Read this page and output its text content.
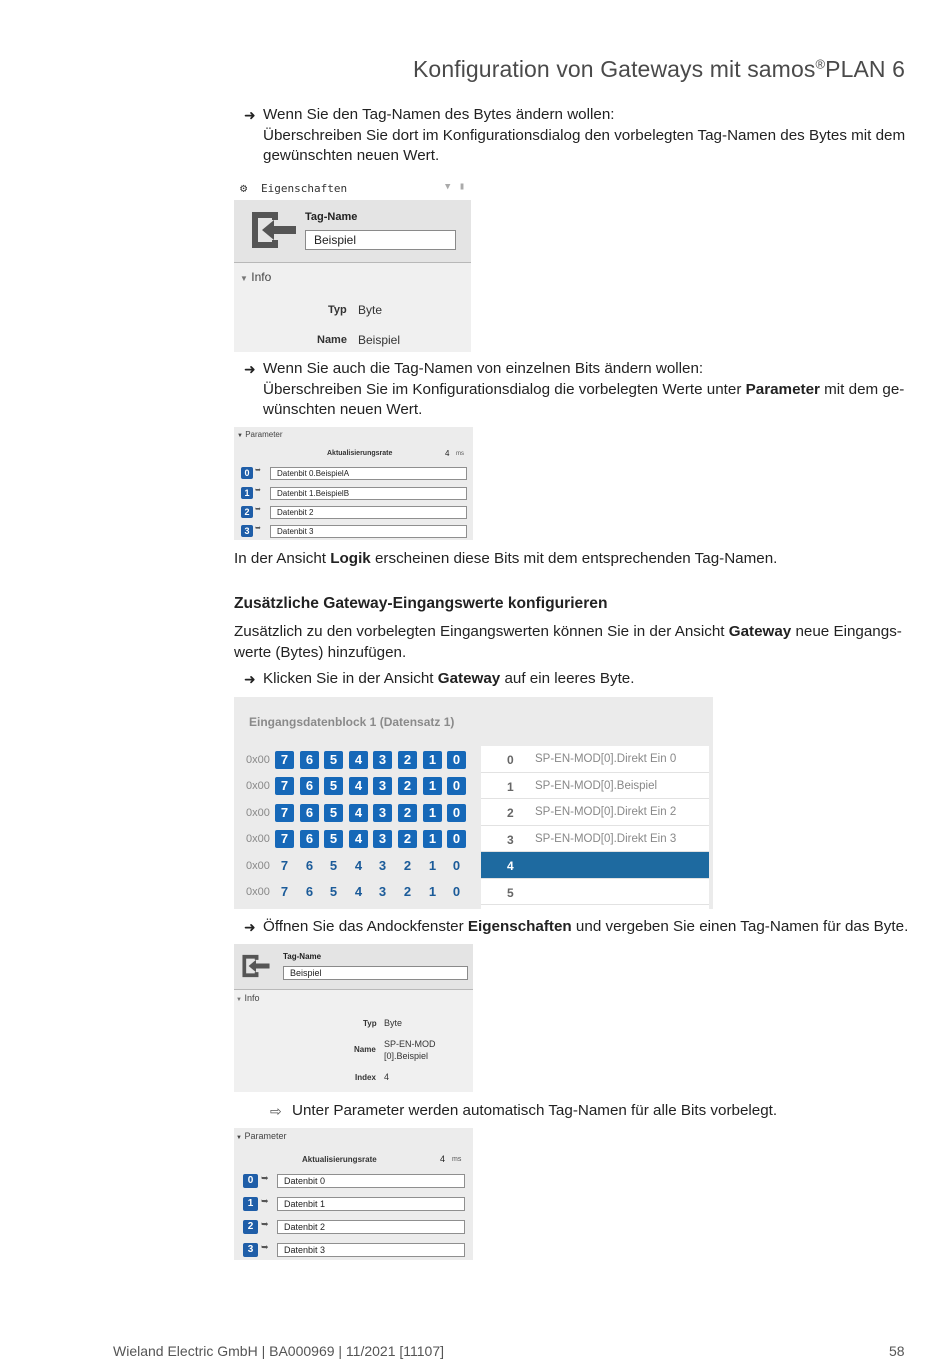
Konfiguration von Gateways mit samos®PLAN 6
➜ Wenn Sie den Tag-Namen des Bytes ändern wollen:
Überschreiben Sie dort im Konfigurationsdialog den vorbelegten Tag-Namen des Bytes mit dem
gewünschten neuen Wert.
⚙ Eigenschaften	▼ ▮
Tag-Name
Beispiel
▼ Info
Typ Byte
Name Beispiel
➜ Wenn Sie auch die Tag-Namen von einzelnen Bits ändern wollen:
Überschreiben Sie im Konfigurationsdialog die vorbelegten Werte unter Parameter mit dem ge-
wünschten neuen Wert.
▼ Parameter
Aktualisierungsrate	4 ms
0 ➥	Datenbit 0.BeispielA
1 ➥	Datenbit 1.BeispielB
2 ➥	Datenbit 2
3 ➥	Datenbit 3
In der Ansicht Logik erscheinen diese Bits mit dem entsprechenden Tag-Namen.
Zusätzliche Gateway-Eingangswerte konfigurieren
Zusätzlich zu den vorbelegten Eingangswerten können Sie in der Ansicht Gateway neue Eingangs-
werte (Bytes) hinzufügen.
➜ Klicken Sie in der Ansicht Gateway auf ein leeres Byte.
Eingangsdatenblock 1 (Datensatz 1)
0x00 7	6	5	4	3	2	1	0
0x00 7	6	5	4	3	2	1	0
0x00 7	6	5	4	3	2	1	0
0x00 7	6	5	4	3	2	1	0
0x00 7	6	5	4	3	2	1	0
0x00 7	6	5	4	3	2	1	0
0 SP-EN-MOD[0].Direkt Ein 0
1 SP-EN-MOD[0].Beispiel
2 SP-EN-MOD[0].Direkt Ein 2
3 SP-EN-MOD[0].Direkt Ein 3
4
5
➜ Öffnen Sie das Andockfenster Eigenschaften und vergeben Sie einen Tag-Namen für das Byte.
Tag-Name
Beispiel
▼ Info
Typ Byte
Name
SP-EN-MOD
[0].Beispiel
Index 4
⇨ Unter Parameter werden automatisch Tag-Namen für alle Bits vorbelegt.
▼ Parameter
Aktualisierungsrate	4 ms
0 ➥	Datenbit 0
1 ➥	Datenbit 1
2 ➥	Datenbit 2
3 ➥	Datenbit 3
Wieland Electric GmbH | BA000969 | 11/2021 [11107]	58
